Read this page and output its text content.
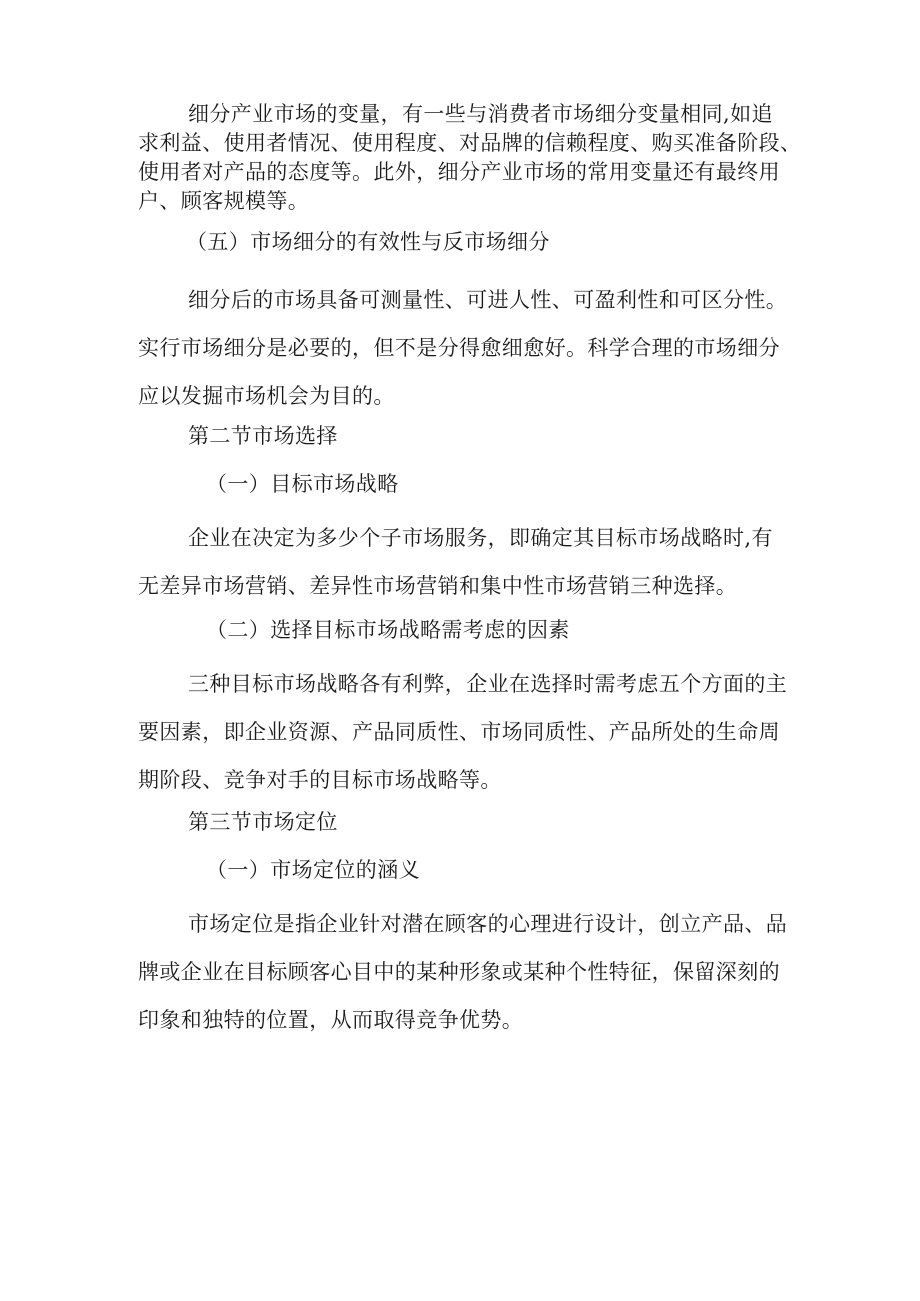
细分产业市场的变量，有一些与消费者市场细分变量相同,如追
求利益、使用者情况、使用程度、对品牌的信赖程度、购买准备阶段、
使用者对产品的态度等。此外，细分产业市场的常用变量还有最终用
户、顾客规模等。

（五）市场细分的有效性与反市场细分

细分后的市场具备可测量性、可进人性、可盈利性和可区分性。
实行市场细分是必要的，但不是分得愈细愈好。科学合理的市场细分
应以发掘市场机会为目的。

第二节市场选择

（一）目标市场战略

企业在决定为多少个子市场服务，即确定其目标市场战略时,有
无差异市场营销、差异性市场营销和集中性市场营销三种选择。

（二）选择目标市场战略需考虑的因素

三种目标市场战略各有利弊，企业在选择时需考虑五个方面的主
要因素，即企业资源、产品同质性、市场同质性、产品所处的生命周
期阶段、竞争对手的目标市场战略等。

第三节市场定位

（一）市场定位的涵义

市场定位是指企业针对潜在顾客的心理进行设计，创立产品、品
牌或企业在目标顾客心目中的某种形象或某种个性特征，保留深刻的
印象和独特的位置，从而取得竞争优势。
